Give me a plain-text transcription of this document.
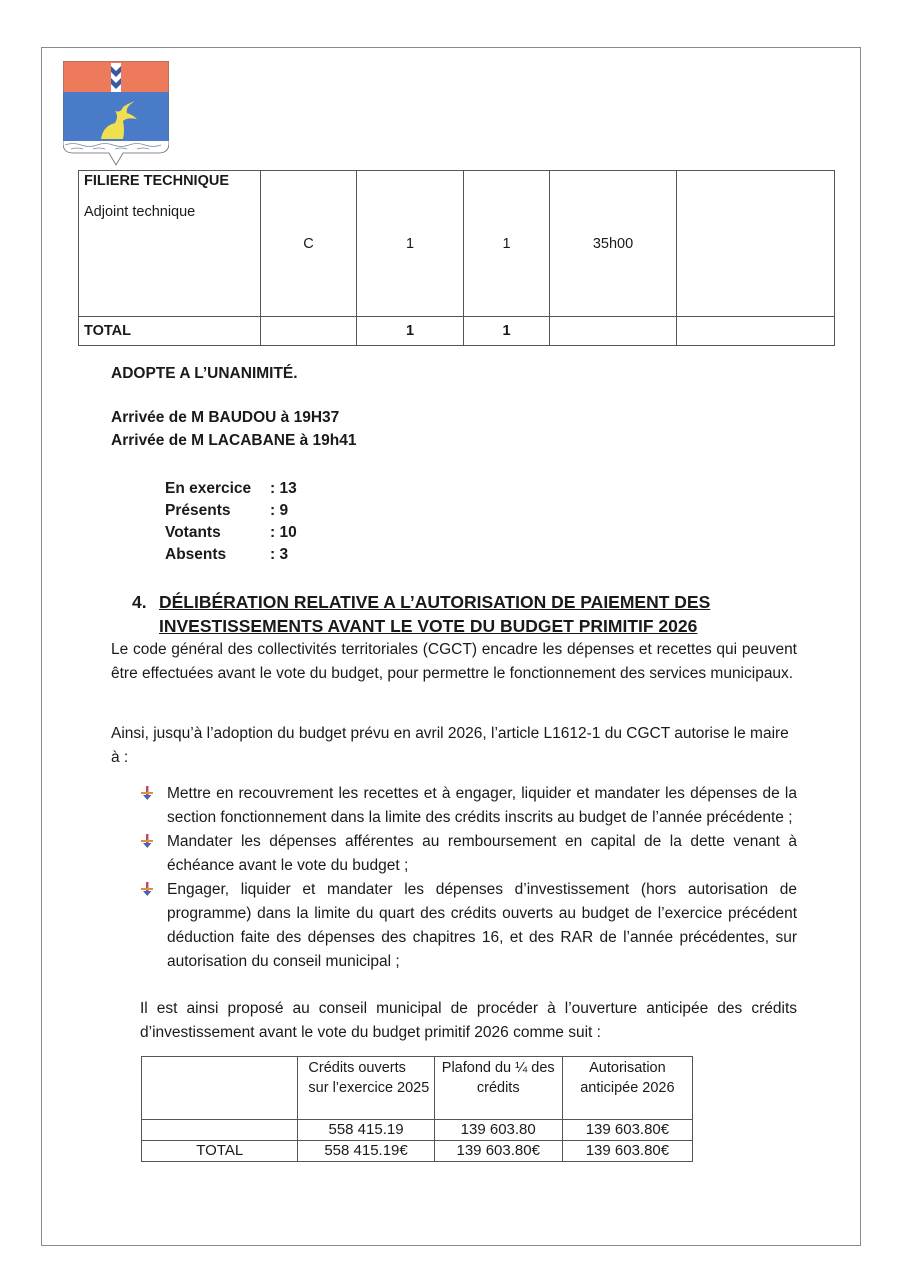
FILIERE TECHNIQUE
Adjoint technique	C	1	1	35h00	
TOTAL		1	1		
ADOPTE A L’UNANIMITÉ.
Arrivée de M BAUDOU à 19H37
Arrivée de M LACABANE à 19h41
En exercice	: 13
Présents	: 9
Votants	: 10
Absents	: 3
4. DÉLIBÉRATION RELATIVE A L’AUTORISATION DE PAIEMENT DES
INVESTISSEMENTS AVANT LE VOTE DU BUDGET PRIMITIF 2026
Le code général des collectivités territoriales (CGCT) encadre les dépenses et recettes qui peuvent être effectuées avant le vote du budget, pour permettre le fonctionnement des services municipaux.
Ainsi, jusqu’à l’adoption du budget prévu en avril 2026, l’article L1612-1 du CGCT autorise le maire à :
Mettre en recouvrement les recettes et à engager, liquider et mandater les dépenses de la section fonctionnement dans la limite des crédits inscrits au budget de l’année précédente ;
Mandater les dépenses afférentes au remboursement en capital de la dette venant à échéance avant le vote du budget ;
Engager, liquider et mandater les dépenses d’investissement (hors autorisation de programme) dans la limite du quart des crédits ouverts au budget de l’exercice précédent déduction faite des dépenses des chapitres 16, et des RAR de l’année précédentes, sur autorisation du conseil municipal ;
Il est ainsi proposé au conseil municipal de procéder à l’ouverture anticipée des crédits d’investissement avant le vote du budget primitif 2026 comme suit :
	Crédits ouverts sur l’exercice 2025	Plafond du ¼ des crédits	Autorisation anticipée 2026
	558 415.19	139 603.80	139 603.80€
TOTAL	558 415.19€	139 603.80€	139 603.80€
